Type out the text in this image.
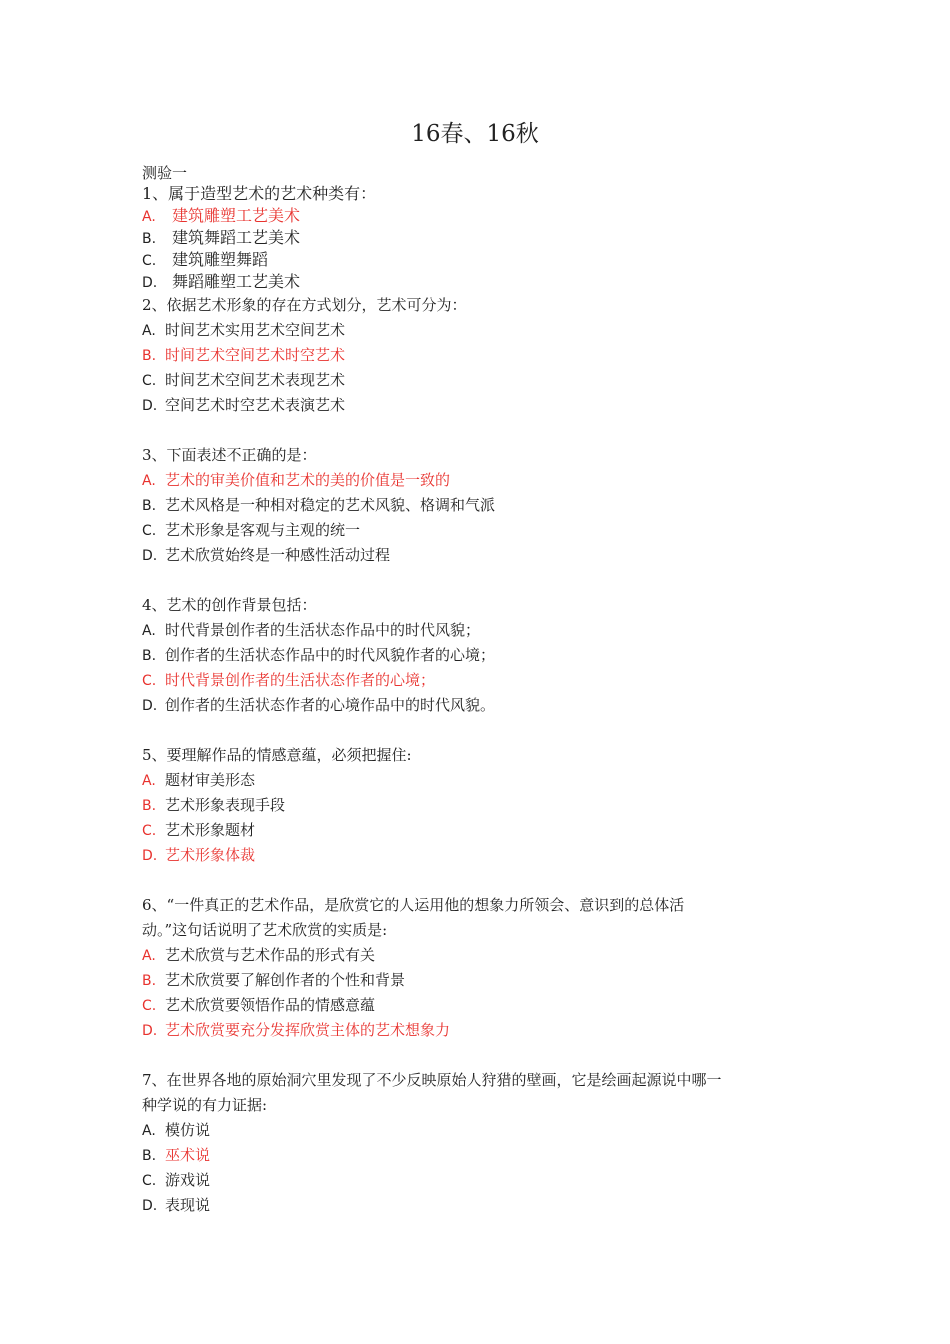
16春、16秋
测验一
1、属于造型艺术的艺术种类有：
A. 建筑雕塑工艺美术
B. 建筑舞蹈工艺美术
C. 建筑雕塑舞蹈
D. 舞蹈雕塑工艺美术
2、依据艺术形象的存在方式划分，艺术可分为：
A. 时间艺术实用艺术空间艺术
B. 时间艺术空间艺术时空艺术
C. 时间艺术空间艺术表现艺术
D. 空间艺术时空艺术表演艺术
3、下面表述不正确的是：
A. 艺术的审美价值和艺术的美的价值是一致的
B. 艺术风格是一种相对稳定的艺术风貌、格调和气派
C. 艺术形象是客观与主观的统一
D. 艺术欣赏始终是一种感性活动过程
4、艺术的创作背景包括：
A. 时代背景创作者的生活状态作品中的时代风貌；
B. 创作者的生活状态作品中的时代风貌作者的心境；
C. 时代背景创作者的生活状态作者的心境；
D. 创作者的生活状态作者的心境作品中的时代风貌。
5、要理解作品的情感意蕴，必须把握住:
A. 题材审美形态
B. 艺术形象表现手段
C. 艺术形象题材
D. 艺术形象体裁
6、“一件真正的艺术作品，是欣赏它的人运用他的想象力所领会、意识到的总体活
动。”这句话说明了艺术欣赏的实质是:
A. 艺术欣赏与艺术作品的形式有关
B. 艺术欣赏要了解创作者的个性和背景
C. 艺术欣赏要领悟作品的情感意蕴
D. 艺术欣赏要充分发挥欣赏主体的艺术想象力
7、在世界各地的原始洞穴里发现了不少反映原始人狩猎的壁画，它是绘画起源说中哪一
种学说的有力证据:
A. 模仿说
B. 巫术说
C. 游戏说
D. 表现说
